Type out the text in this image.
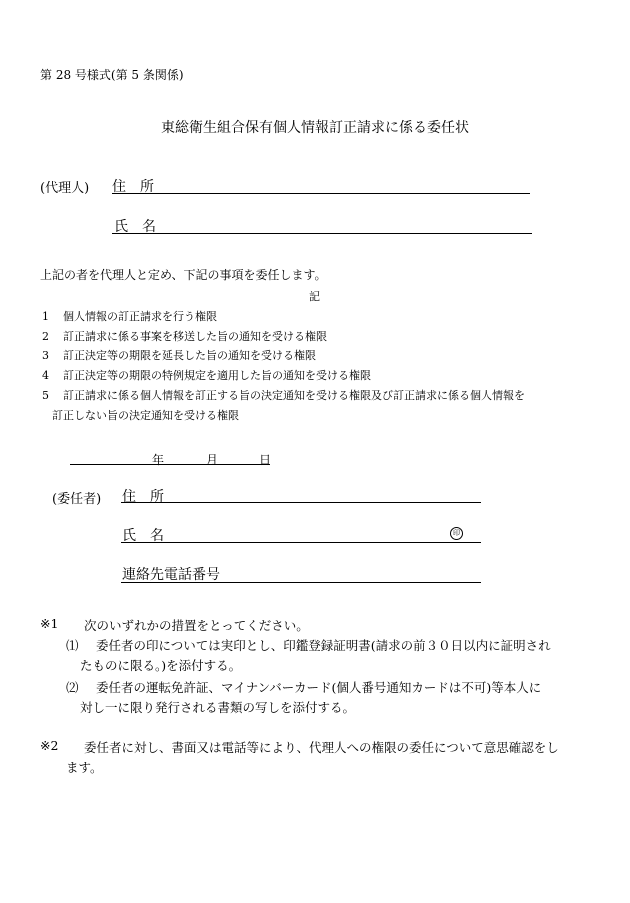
第 28 号様式(第 5 条関係)
東総衛生組合保有個人情報訂正請求に係る委任状
(代理人) 住　所
氏　名
上記の者を代理人と定め、下記の事項を委任します。
記
1 個人情報の訂正請求を行う権限
2 訂正請求に係る事案を移送した旨の通知を受ける権限
3 訂正決定等の期限を延長した旨の通知を受ける権限
4 訂正決定等の期限の特例規定を適用した旨の通知を受ける権限
5 訂正請求に係る個人情報を訂正する旨の決定通知を受ける権限及び訂正請求に係る個人情報を
訂正しない旨の決定通知を受ける権限
年	月	日
(委任者) 住　所
氏　名	印
連絡先電話番号
※1 次のいずれかの措置をとってください。
⑴ 委任者の印については実印とし、印鑑登録証明書(請求の前３０日以内に証明され
たものに限る。)を添付する。
⑵ 委任者の運転免許証、マイナンバーカード(個人番号通知カードは不可)等本人に
対し一に限り発行される書類の写しを添付する。
※2 委任者に対し、書面又は電話等により、代理人への権限の委任について意思確認をし
ます。
